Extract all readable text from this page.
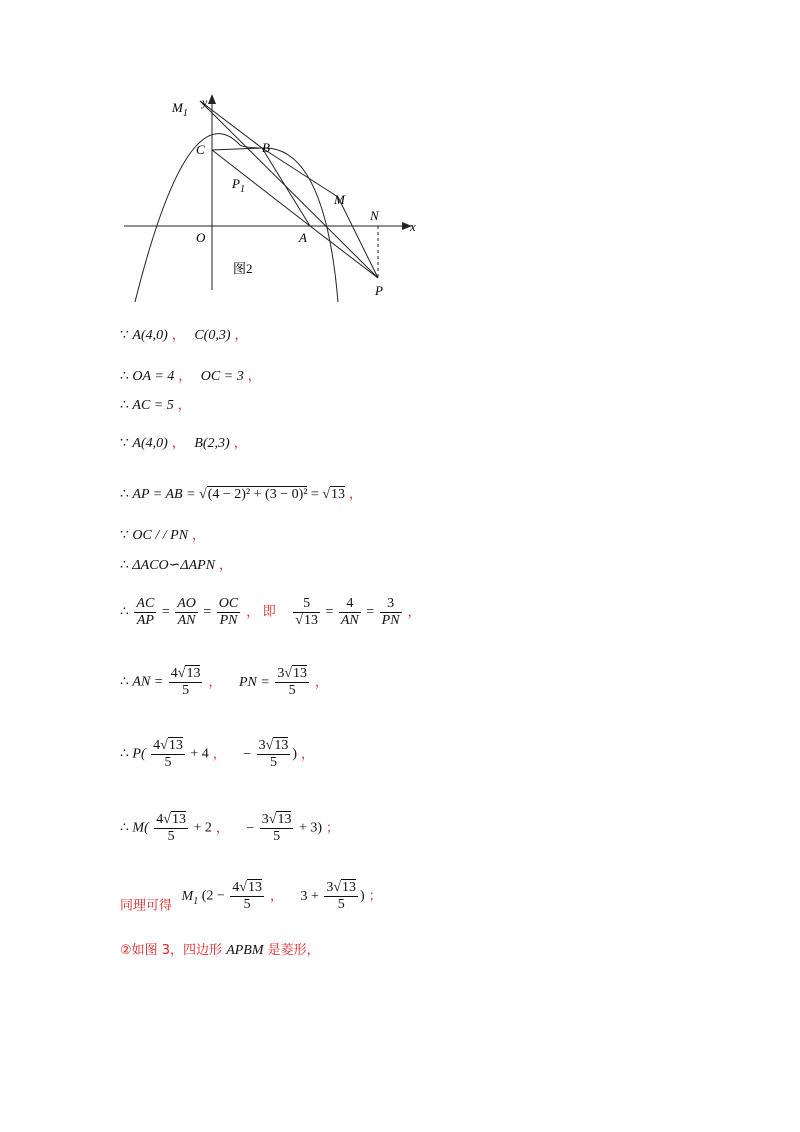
$M_1$
y
C	B
$P_1$
M
N
x
O	A
P
图2
∵ A(4,0) ， C(0,3) ，
∴ OA = 4 ， OC = 3 ，
∴ AC = 5 ，
∵ A(4,0) ， B(2,3) ，
∴ AP = AB = √(4 − 2)² + (3 − 0)² = √13 ，
∵ OC / / PN ，
∴ ΔACO∽ΔAPN ，
∴ $\frac{AC}{AP} = \frac{AO}{AN} = \frac{OC}{PN}$ ， 即 $\frac{5}{√13} = \frac{4}{AN} = \frac{3}{PN}$ ，
∴ AN = $\frac{4√13}{5}$ ， PN = $\frac{3√13}{5}$ ，
∴ $P( \frac{4√13}{5} + 4$ ， − $\frac{3√13}{5}$ ) ，
∴ $M( \frac{4√13}{5} + 2$ ， − $\frac{3√13}{5} + 3$) ；
同理可得 $M_1$ ($2 - \frac{4√13}{5}$ ， $3 + \frac{3√13}{5}$ ) ；
②如图 3，四边形 APBM 是菱形，
